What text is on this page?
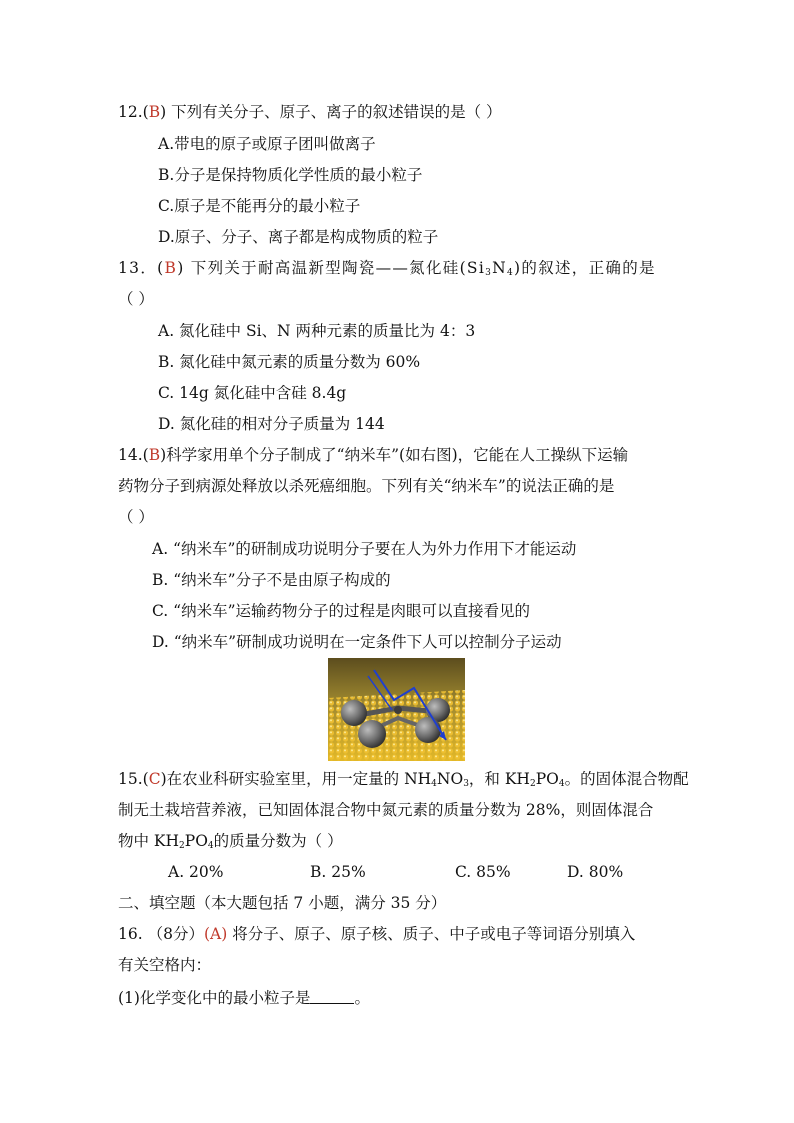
12.(B) 下列有关分子、原子、离子的叙述错误的是（ ）
A.带电的原子或原子团叫做离子
B.分子是保持物质化学性质的最小粒子
C.原子是不能再分的最小粒子
D.原子、分子、离子都是构成物质的粒子
13．(B) 下列关于耐高温新型陶瓷——氮化硅$(Si_3N_4)$的叙述，正确的是
（ ）
A. 氮化硅中 Si、N 两种元素的质量比为 4：3
B. 氮化硅中氮元素的质量分数为 60%
C. 14g 氮化硅中含硅 8.4g
D. 氮化硅的相对分子质量为 144
14.(B)科学家用单个分子制成了“纳米车”(如右图)，它能在人工操纵下运输
药物分子到病源处释放以杀死癌细胞。下列有关“纳米车”的说法正确的是
（ ）
A. “纳米车”的研制成功说明分子要在人为外力作用下才能运动
B. “纳米车”分子不是由原子构成的
C. “纳米车”运输药物分子的过程是肉眼可以直接看见的
D. “纳米车”研制成功说明在一定条件下人可以控制分子运动
15.(C)在农业科研实验室里，用一定量的 $NH_4NO_3$，和 $KH_2PO_4$。的固体混合物配
制无土栽培营养液，已知固体混合物中氮元素的质量分数为 28%，则固体混合
物中 $KH_2PO_4$的质量分数为（ ）
A. 20%	B. 25%	C. 85%	D. 80%
二、填空题（本大题包括 7 小题，满分 35 分）
16. （8分）(A) 将分子、原子、原子核、质子、中子或电子等词语分别填入
有关空格内：
(1)化学变化中的最小粒子是	。
